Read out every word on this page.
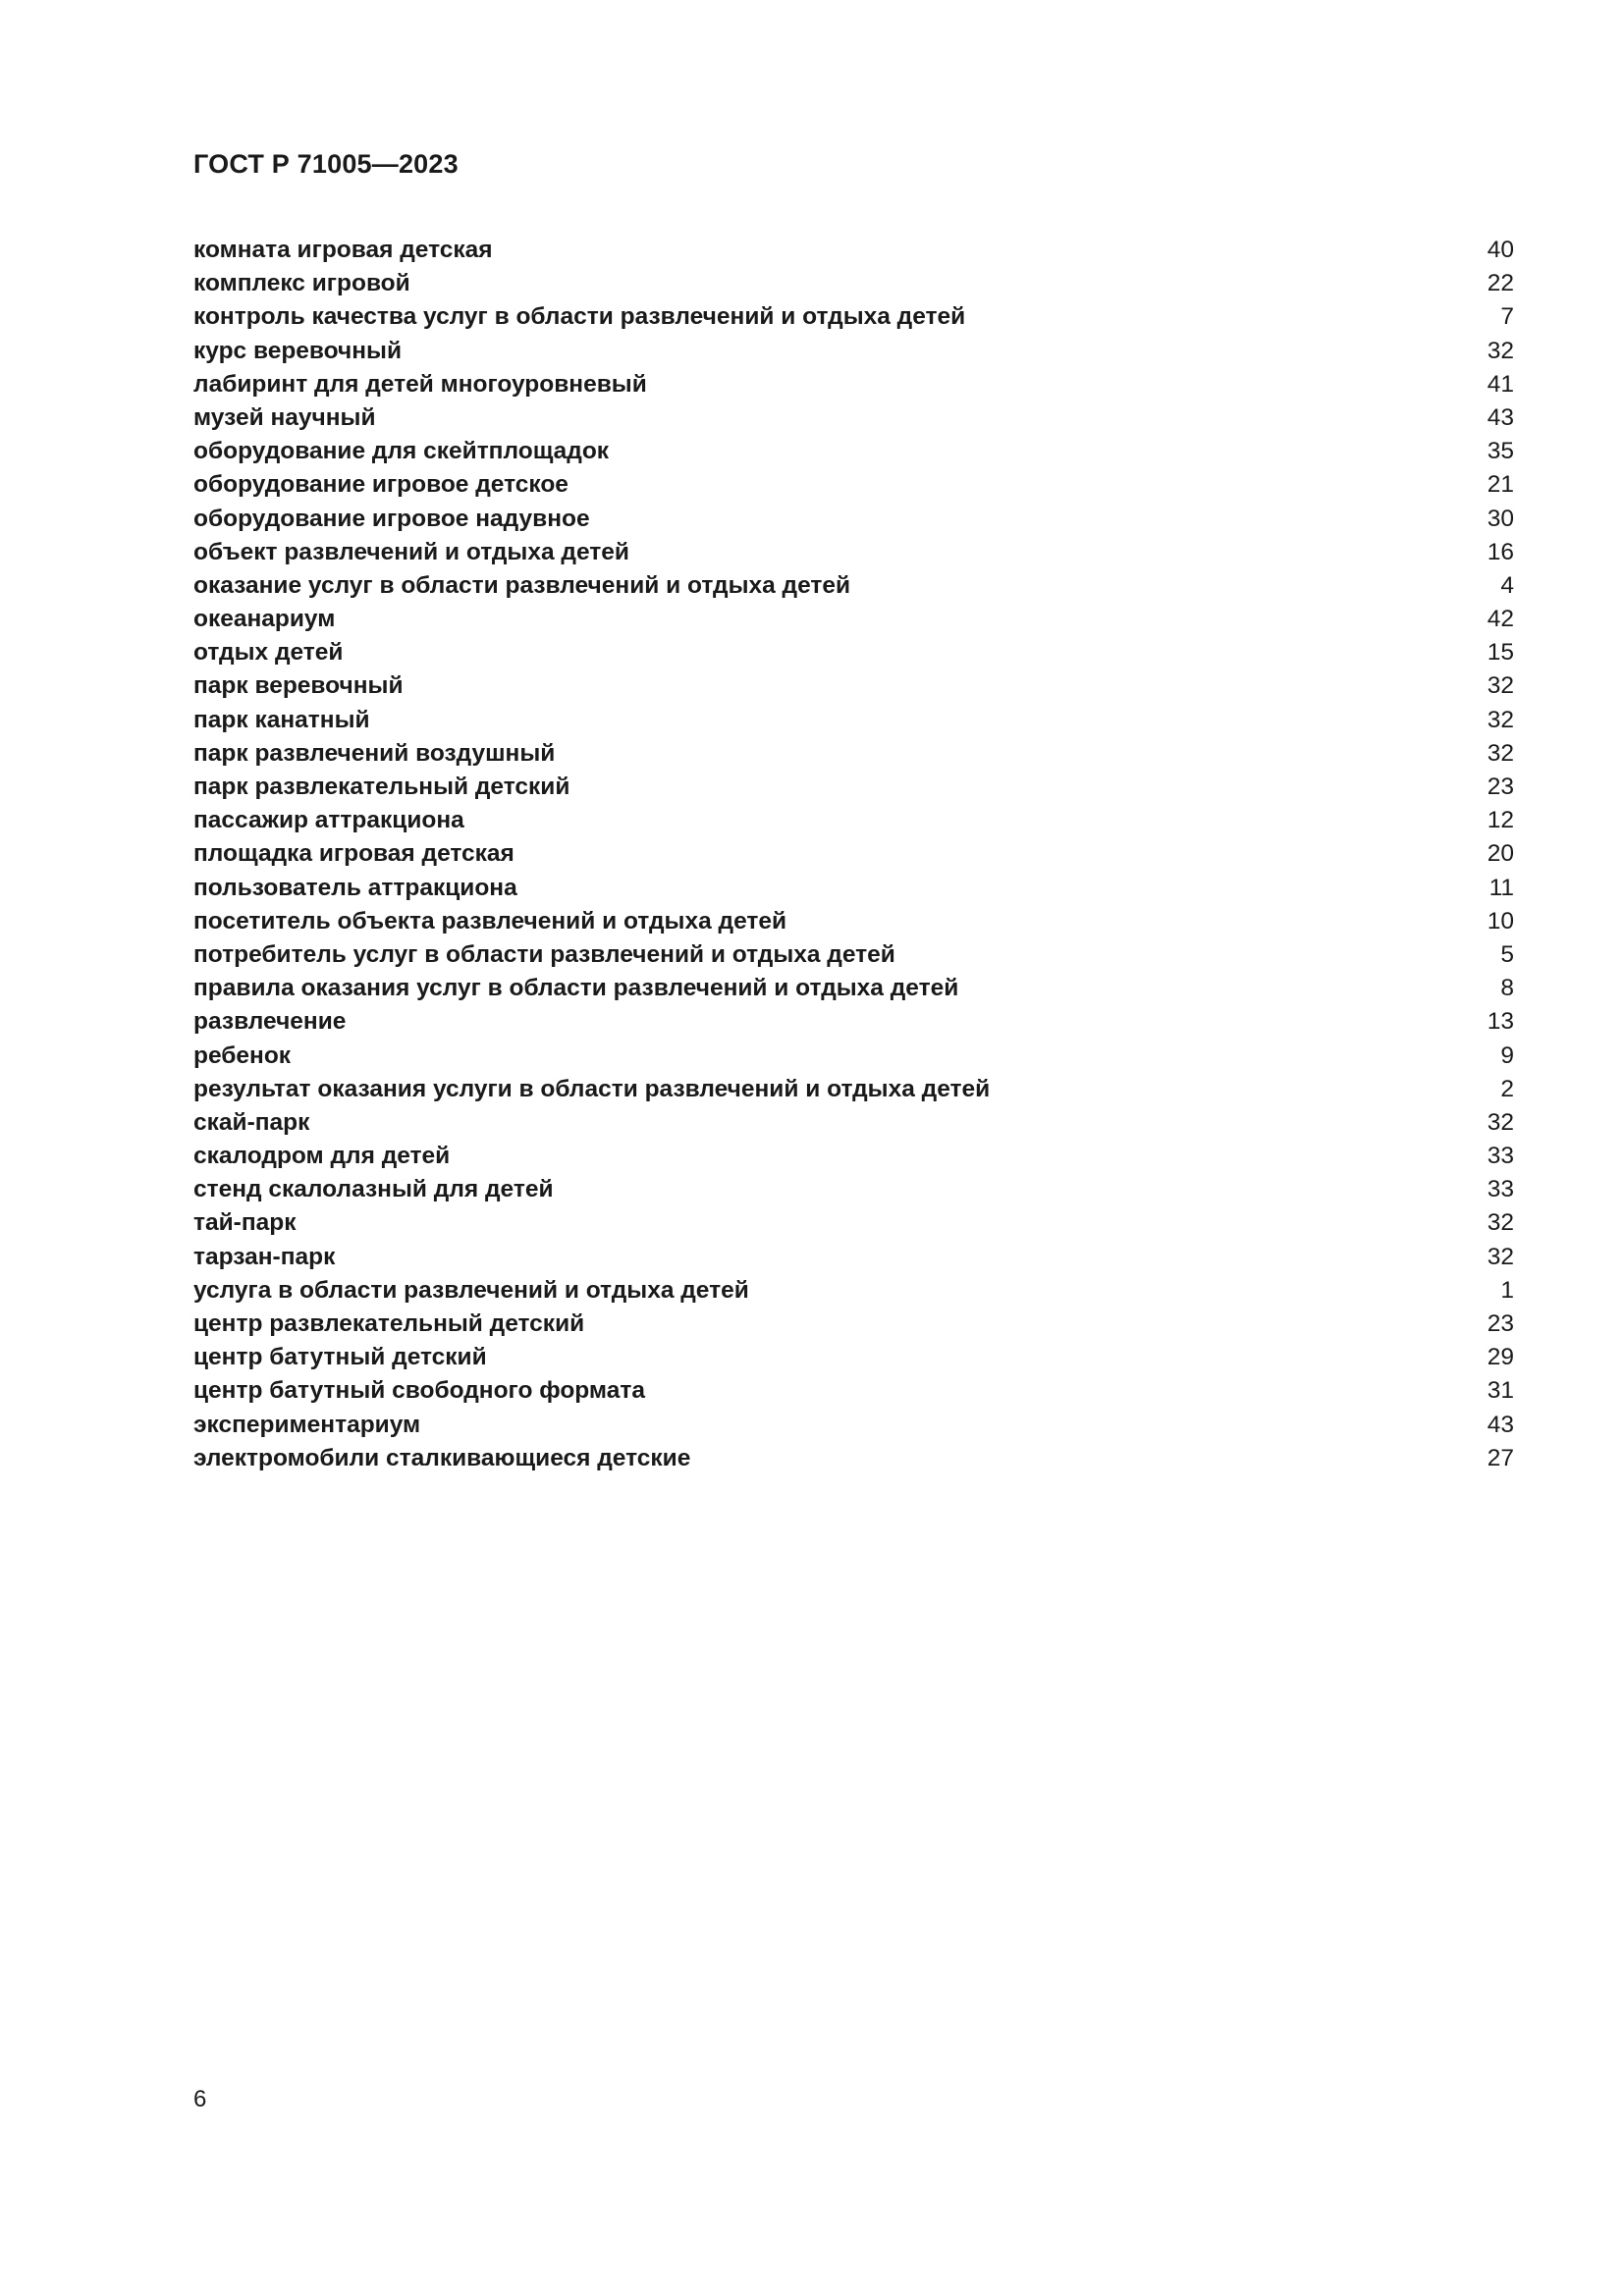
ГОСТ Р 71005—2023
комната игровая детская	40
комплекс игровой	22
контроль качества услуг в области развлечений и отдыха детей	7
курс веревочный	32
лабиринт для детей многоуровневый	41
музей научный	43
оборудование для скейтплощадок	35
оборудование игровое детское	21
оборудование игровое надувное	30
объект развлечений и отдыха детей	16
оказание услуг в области развлечений и отдыха детей	4
океанариум	42
отдых детей	15
парк веревочный	32
парк канатный	32
парк развлечений воздушный	32
парк развлекательный детский	23
пассажир аттракциона	12
площадка игровая детская	20
пользователь аттракциона	11
посетитель объекта развлечений и отдыха детей	10
потребитель услуг в области развлечений и отдыха детей	5
правила оказания услуг в области развлечений и отдыха детей	8
развлечение	13
ребенок	9
результат оказания услуги в области развлечений и отдыха детей	2
скай-парк	32
скалодром для детей	33
стенд скалолазный для детей	33
тай-парк	32
тарзан-парк	32
услуга в области развлечений и отдыха детей	1
центр развлекательный детский	23
центр батутный детский	29
центр батутный свободного формата	31
экспериментариум	43
электромобили сталкивающиеся детские	27
6
